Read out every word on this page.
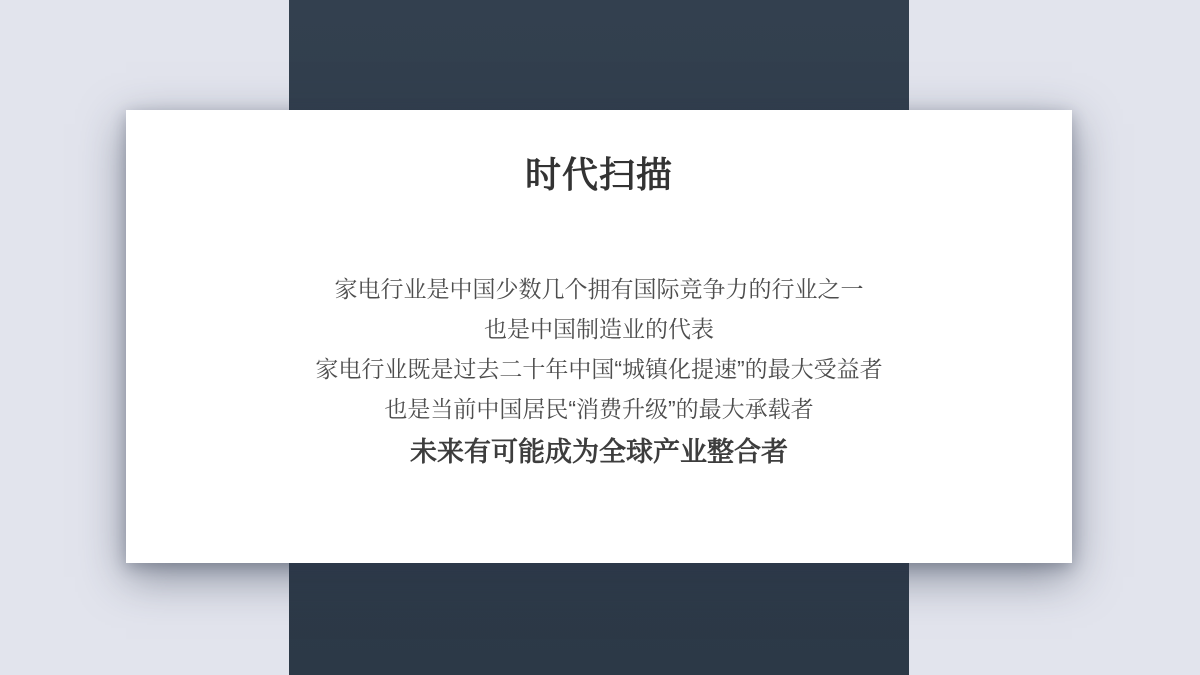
时代扫描

家电行业是中国少数几个拥有国际竞争力的行业之一

也是中国制造业的代表

家电行业既是过去二十年中国“城镇化提速”的最大受益者

也是当前中国居民“消费升级”的最大承载者

未来有可能成为全球产业整合者
